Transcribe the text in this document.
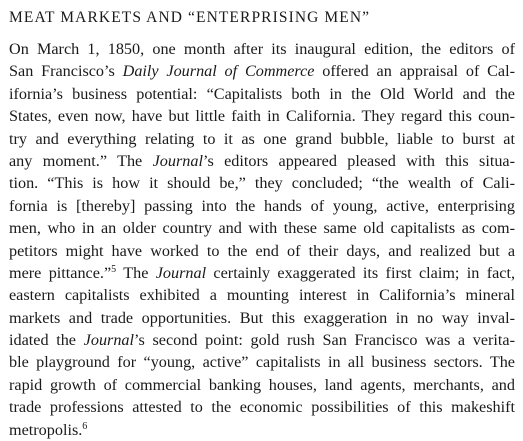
MEAT MARKETS AND “ENTERPRISING MEN”
On March 1, 1850, one month after its inaugural edition, the editors of
San Francisco’s Daily Journal of Commerce offered an appraisal of Cal-
ifornia’s business potential: “Capitalists both in the Old World and the
States, even now, have but little faith in California. They regard this coun-
try and everything relating to it as one grand bubble, liable to burst at
any moment.” The Journal’s editors appeared pleased with this situa-
tion. “This is how it should be,” they concluded; “the wealth of Cali-
fornia is [thereby] passing into the hands of young, active, enterprising
men, who in an older country and with these same old capitalists as com-
petitors might have worked to the end of their days, and realized but a
mere pittance.”$^5$ The Journal certainly exaggerated its first claim; in fact,
eastern capitalists exhibited a mounting interest in California’s mineral
markets and trade opportunities. But this exaggeration in no way inval-
idated the Journal’s second point: gold rush San Francisco was a verita-
ble playground for “young, active” capitalists in all business sectors. The
rapid growth of commercial banking houses, land agents, merchants, and
trade professions attested to the economic possibilities of this makeshift
metropolis.$^6$
